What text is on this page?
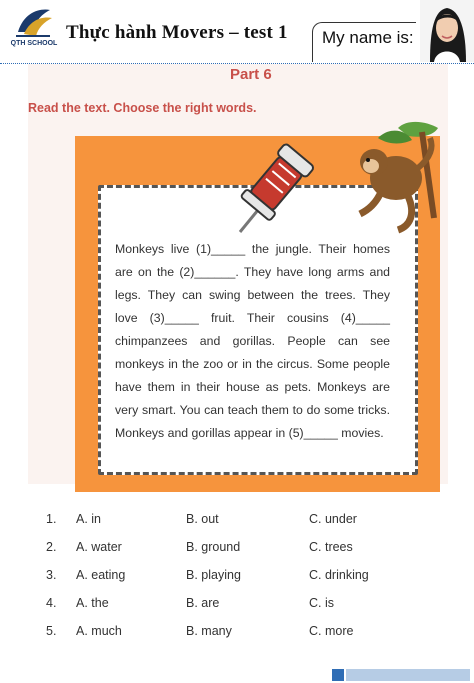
QTH SCHOOL
Thực hành Movers – test 1 My name is:
Part 6
Read the text. Choose the right words.
Monkeys live (1)_____ the jungle. Their homes are on the (2)______. They have long arms and legs. They can swing between the trees. They love (3)_____ fruit. Their cousins (4)_____ chimpanzees and gorillas. People can see monkeys in the zoo or in the circus. Some people have them in their house as pets. Monkeys are very smart. You can teach them to do some tricks. Monkeys and gorillas appear in (5)_____ movies.
1. A. in	B. out	C. under
2. A. water	B. ground	C. trees
3. A. eating	B. playing	C. drinking
4. A. the	B. are	C. is
5. A. much	B. many	C. more
